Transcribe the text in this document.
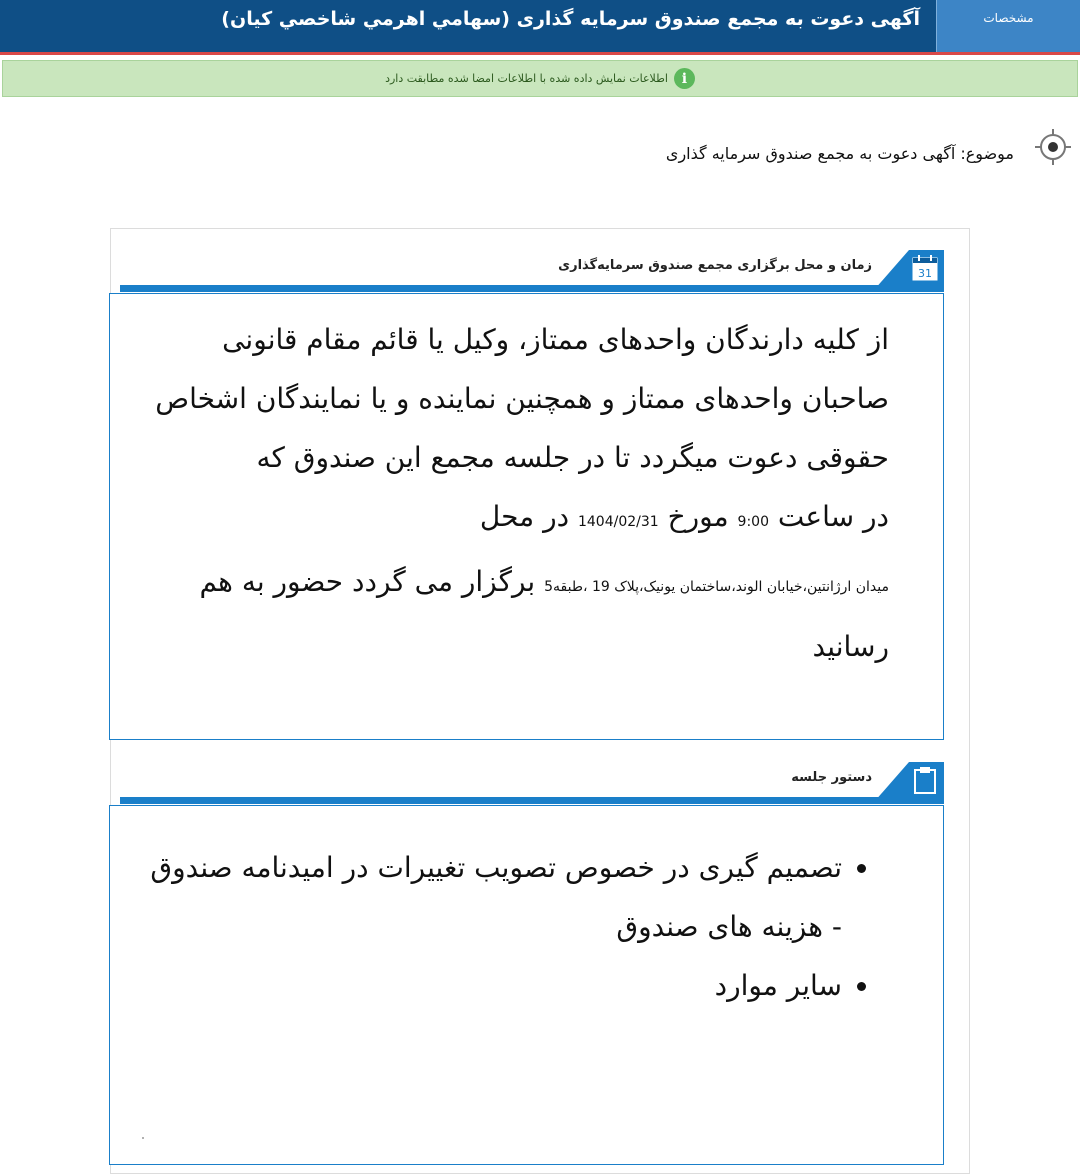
آگهی دعوت به مجمع صندوق سرمایه گذاری (سهامي اهرمي شاخصي کيان)	مشخصات
i
اطلاعات نمایش داده شده با اطلاعات امضا شده مطابقت دارد
موضوع: آگهی دعوت به مجمع صندوق سرمایه گذاری
31
زمان و محل برگزاری مجمع صندوق سرمایه‌گذاری
از کلیه دارندگان واحدهای ممتاز، وکیل یا قائم مقام قانونی صاحبان واحدهای ممتاز و همچنین نماینده و یا نمایندگان اشخاص حقوقی دعوت میگردد تا در جلسه مجمع این صندوق که
در ساعت 9:00 مورخ 1404/02/31 در محل
میدان ارژانتین،خیابان الوند،ساختمان یونیک،پلاک 19 ،طبقه5 برگزار می گردد حضور به هم رسانید
دستور جلسه
• تصمیم گیری در خصوص تصویب تغییرات در امیدنامه صندوق - هزینه های صندوق
• سایر موارد
